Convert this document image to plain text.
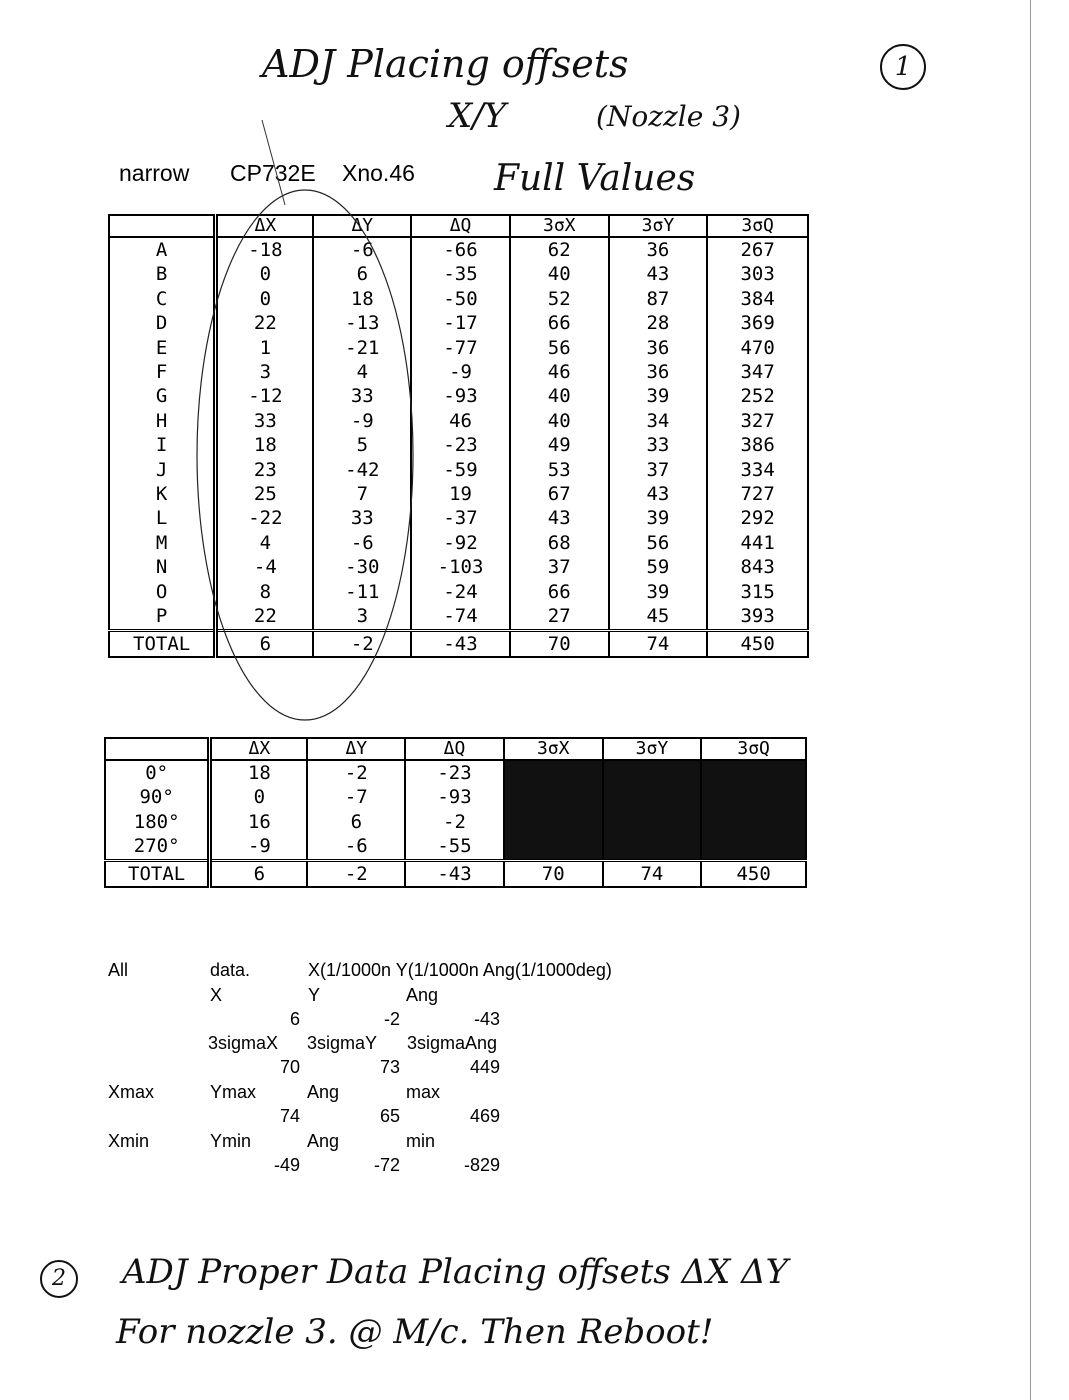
ADJ Placing offsets
X/Y	(Nozzle 3)
1
Full Values
narrow CP732E Xno.46
	ΔX	ΔY	ΔQ	3σX	3σY	3σQ
A	-18	-6	-66	62	36	267
B	0	6	-35	40	43	303
C	0	18	-50	52	87	384
D	22	-13	-17	66	28	369
E	1	-21	-77	56	36	470
F	3	4	-9	46	36	347
G	-12	33	-93	40	39	252
H	33	-9	46	40	34	327
I	18	5	-23	49	33	386
J	23	-42	-59	53	37	334
K	25	7	19	67	43	727
L	-22	33	-37	43	39	292
M	4	-6	-92	68	56	441
N	-4	-30	-103	37	59	843
O	8	-11	-24	66	39	315
P	22	3	-74	27	45	393
TOTAL	6	-2	-43	70	74	450
	ΔX	ΔY	ΔQ	3σX	3σY	3σQ
0°	18	-2	-23			
90°	0	-7	-93			
180°	16	6	-2			
270°	-9	-6	-55			
TOTAL	6	-2	-43	70	74	450
All	data.	X(1/1000n Y(1/1000n Ang(1/1000deg)
X	Y	Ang
6	-2	-43
3sigmaX 3sigmaY 3sigmaAng
70	73	449
Xmax	Ymax	Ang	max
74	65	469
Xmin	Ymin	Ang	min
-49	-72	-829
2	ADJ Proper Data Placing offsets ΔX ΔY
For nozzle 3. @ M/c. Then Reboot!
